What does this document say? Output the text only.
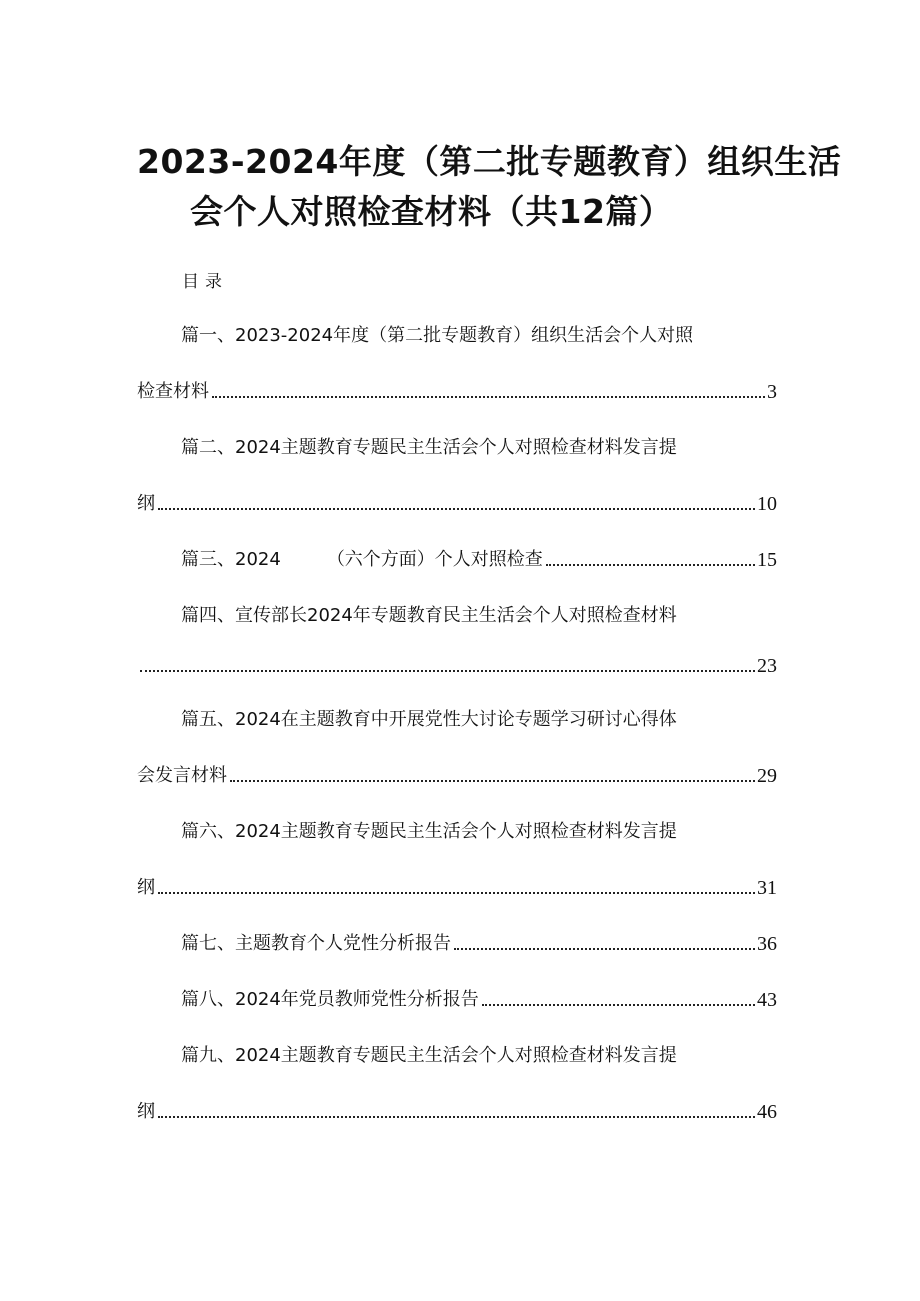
2023-2024年度（第二批专题教育）组织生活
会个人对照检查材料（共12篇）
目录
篇一、2023-2024年度（第二批专题教育）组织生活会个人对照
检查材料	3
篇二、2024主题教育专题民主生活会个人对照检查材料发言提
纲	10
篇三、2024	（六个方面）个人对照检查	15
篇四、宣传部长2024年专题教育民主生活会个人对照检查材料
23
篇五、2024在主题教育中开展党性大讨论专题学习研讨心得体
会发言材料	29
篇六、2024主题教育专题民主生活会个人对照检查材料发言提
纲	31
篇七、主题教育个人党性分析报告	36
篇八、2024年党员教师党性分析报告	43
篇九、2024主题教育专题民主生活会个人对照检查材料发言提
纲	46
